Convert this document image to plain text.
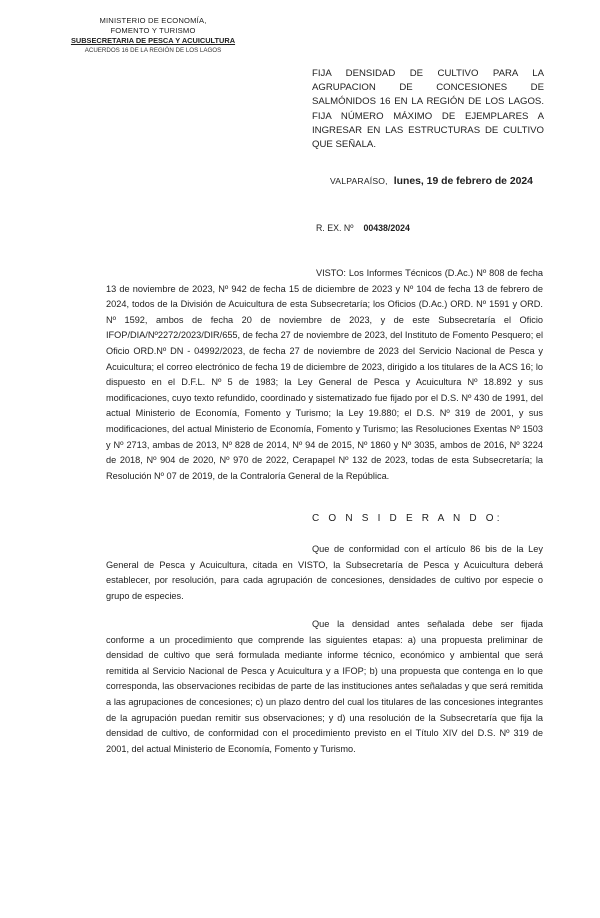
MINISTERIO DE ECONOMÍA,
FOMENTO Y TURISMO
SUBSECRETARIA DE PESCA Y ACUICULTURA
ACUERDOS 16 DE LA REGIÓN DE LOS LAGOS
FIJA DENSIDAD DE CULTIVO PARA LA AGRUPACION DE CONCESIONES DE SALMÓNIDOS 16 EN LA REGIÓN DE LOS LAGOS. FIJA NÚMERO MÁXIMO DE EJEMPLARES A INGRESAR EN LAS ESTRUCTURAS DE CULTIVO QUE SEÑALA.
VALPARAÍSO, lunes, 19 de febrero de 2024
R. EX. Nº 00438/2024

VISTO: Los Informes Técnicos (D.Ac.) Nº 808 de fecha 13 de noviembre de 2023, Nº 942 de fecha 15 de diciembre de 2023 y Nº 104 de fecha 13 de febrero de 2024, todos de la División de Acuicultura de esta Subsecretaría; los Oficios (D.Ac.) ORD. Nº 1591 y ORD. Nº 1592, ambos de fecha 20 de noviembre de 2023, y de este Subsecretaría el Oficio IFOP/DIA/Nº2272/2023/DIR/655, de fecha 27 de noviembre de 2023, del Instituto de Fomento Pesquero; el Oficio ORD.Nº DN - 04992/2023, de fecha 27 de noviembre de 2023 del Servicio Nacional de Pesca y Acuicultura; el correo electrónico de fecha 19 de diciembre de 2023, dirigido a los titulares de la ACS 16; lo dispuesto en el D.F.L. Nº 5 de 1983; la Ley General de Pesca y Acuicultura Nº 18.892 y sus modificaciones, cuyo texto refundido, coordinado y sistematizado fue fijado por el D.S. Nº 430 de 1991, del actual Ministerio de Economía, Fomento y Turismo; la Ley 19.880; el D.S. Nº 319 de 2001, y sus modificaciones, del actual Ministerio de Economía, Fomento y Turismo; las Resoluciones Exentas Nº 1503 y Nº 2713, ambas de 2013, Nº 828 de 2014, Nº 94 de 2015, Nº 1860 y Nº 3035, ambos de 2016, Nº 3224 de 2018, Nº 904 de 2020, Nº 970 de 2022, Cerapapel Nº 132 de 2023, todas de esta Subsecretaría; la Resolución Nº 07 de 2019, de la Contraloría General de la República.

C O N S I D E R A N D O:

Que de conformidad con el artículo 86 bis de la Ley General de Pesca y Acuicultura, citada en VISTO, la Subsecretaría de Pesca y Acuicultura deberá establecer, por resolución, para cada agrupación de concesiones, densidades de cultivo por especie o grupo de especies.

Que la densidad antes señalada debe ser fijada conforme a un procedimiento que comprende las siguientes etapas: a) una propuesta preliminar de densidad de cultivo que será formulada mediante informe técnico, económico y ambiental que será remitida al Servicio Nacional de Pesca y Acuicultura y a IFOP; b) una propuesta que contenga en lo que corresponda, las observaciones recibidas de parte de las instituciones antes señaladas y que será remitida a las agrupaciones de concesiones; c) un plazo dentro del cual los titulares de las concesiones integrantes de la agrupación puedan remitir sus observaciones; y d) una resolución de la Subsecretaría que fija la densidad de cultivo, de conformidad con el procedimiento previsto en el Título XIV del D.S. Nº 319 de 2001, del actual Ministerio de Economía, Fomento y Turismo.
